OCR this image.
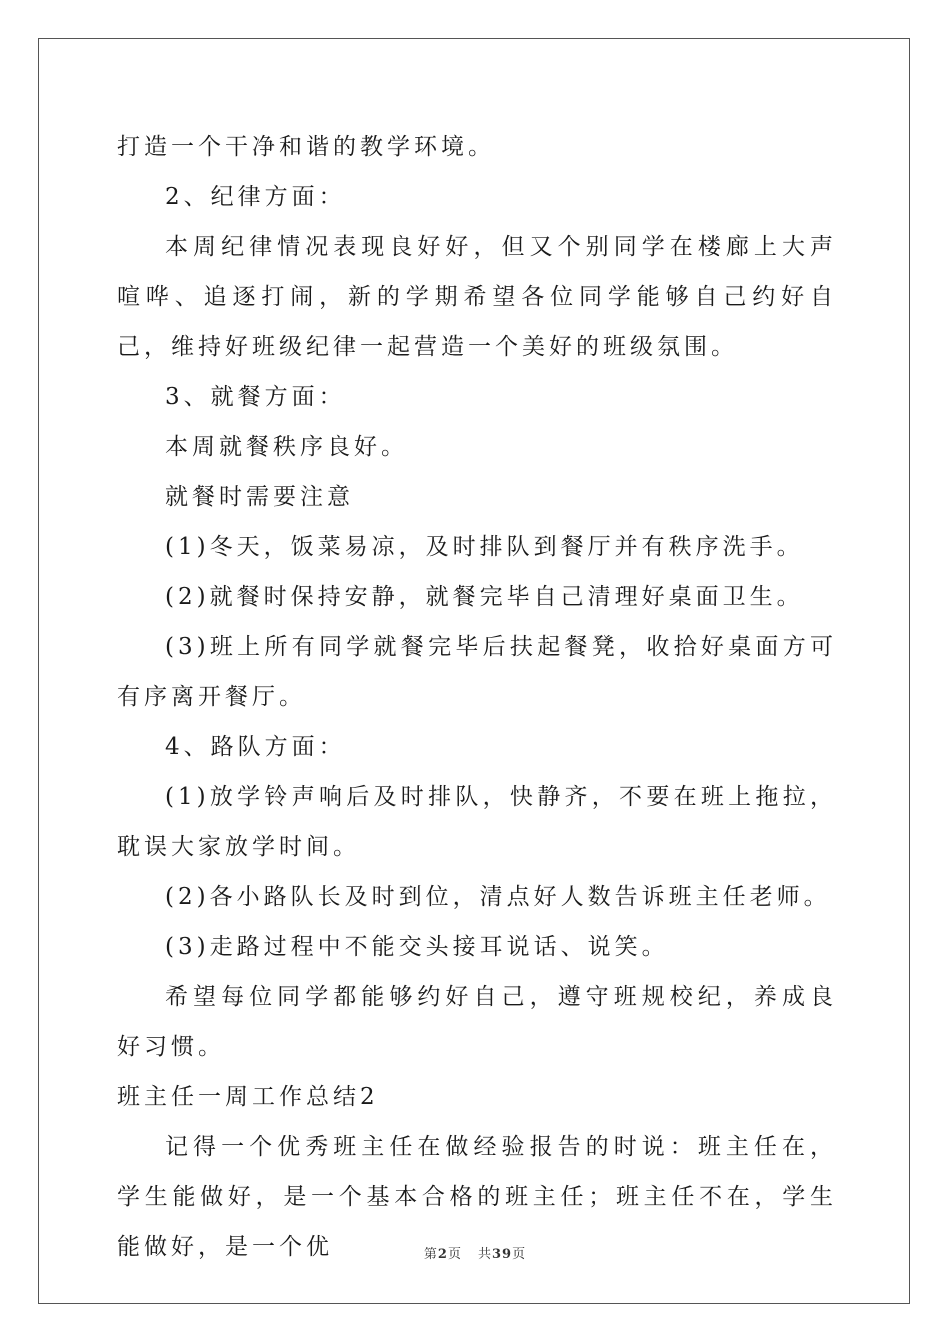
打造一个干净和谐的教学环境。

2、纪律方面：

本周纪律情况表现良好好，但又个别同学在楼廊上大声喧哗、追逐打闹，新的学期希望各位同学能够自己约好自己，维持好班级纪律一起营造一个美好的班级氛围。

3、就餐方面：

本周就餐秩序良好。

就餐时需要注意

(1)冬天，饭菜易凉，及时排队到餐厅并有秩序洗手。

(2)就餐时保持安静，就餐完毕自己清理好桌面卫生。

(3)班上所有同学就餐完毕后扶起餐凳，收拾好桌面方可有序离开餐厅。

4、路队方面：

(1)放学铃声响后及时排队，快静齐，不要在班上拖拉，耽误大家放学时间。

(2)各小路队长及时到位，清点好人数告诉班主任老师。

(3)走路过程中不能交头接耳说话、说笑。

希望每位同学都能够约好自己，遵守班规校纪，养成良好习惯。

班主任一周工作总结2

记得一个优秀班主任在做经验报告的时说：班主任在，学生能做好，是一个基本合格的班主任；班主任不在，学生能做好，是一个优	第2页 共39页
